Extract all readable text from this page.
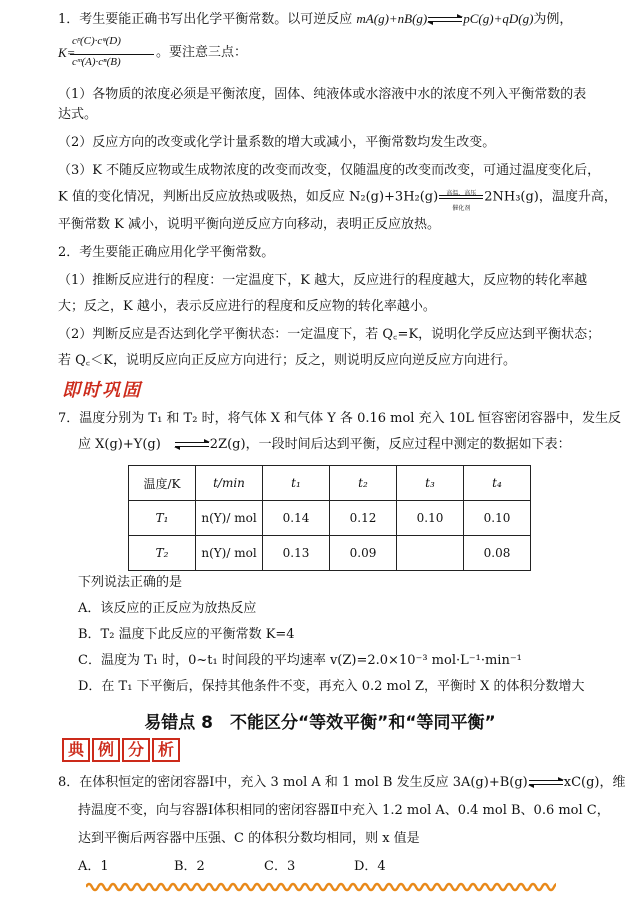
1．考生要能正确书写出化学平衡常数。以可逆反应 mA(g)+nB(g)⇌pC(g)+qD(g)为例，
K=
cᵖ(C)·cᵠ(D)
cᵐ(A)·cⁿ(B)
。要注意三点：
（1）各物质的浓度必须是平衡浓度，固体、纯液体或水溶液中水的浓度不列入平衡常数的表
达式。
（2）反应方向的改变或化学计量系数的增大或减小，平衡常数均发生改变。
（3）K 不随反应物或生成物浓度的改变而改变，仅随温度的改变而改变，可通过温度变化后，
K 值的变化情况，判断出反应放热或吸热，如反应 N₂(g)+3H₂(g)	高温、高压
催化剂
2NH₃(g)，温度升高，
平衡常数 K 减小，说明平衡向逆反应方向移动，表明正反应放热。
2．考生要能正确应用化学平衡常数。
（1）推断反应进行的程度：一定温度下，K 越大，反应进行的程度越大，反应物的转化率越
大；反之，K 越小，表示反应进行的程度和反应物的转化率越小。
（2）判断反应是否达到化学平衡状态：一定温度下，若 Q꜀=K，说明化学反应达到平衡状态；
若 Q꜀＜K，说明反应向正反应方向进行；反之，则说明反应向逆反应方向进行。
即时巩固
7．温度分别为 T₁ 和 T₂ 时，将气体 X 和气体 Y 各 0.16 mol 充入 10L 恒容密闭容器中，发生反
应 X(g)+Y(g) ⇌2Z(g)，一段时间后达到平衡，反应过程中测定的数据如下表：
温度/K	t/min	t₁	t₂	t₃	t₄
T₁	n(Y)/ mol	0.14	0.12	0.10	0.10
T₂	n(Y)/ mol	0.13	0.09		0.08
下列说法正确的是
A．该反应的正反应为放热反应
B．T₂ 温度下此反应的平衡常数 K=4
C．温度为 T₁ 时，0~t₁ 时间段的平均速率 v(Z)=2.0×10⁻³ mol·L⁻¹·min⁻¹
D．在 T₁ 下平衡后，保持其他条件不变，再充入 0.2 mol Z，平衡时 X 的体积分数增大
易错点 8　不能区分“等效平衡”和“等同平衡”
典 例 分 析
8．在体积恒定的密闭容器Ⅰ中，充入 3 mol A 和 1 mol B 发生反应 3A(g)+B(g)⇌xC(g)，维
持温度不变，向与容器Ⅰ体积相同的密闭容器Ⅱ中充入 1.2 mol A、0.4 mol B、0.6 mol C，
达到平衡后两容器中压强、C 的体积分数均相同，则 x 值是
A．1	B．2	C．3	D．4
